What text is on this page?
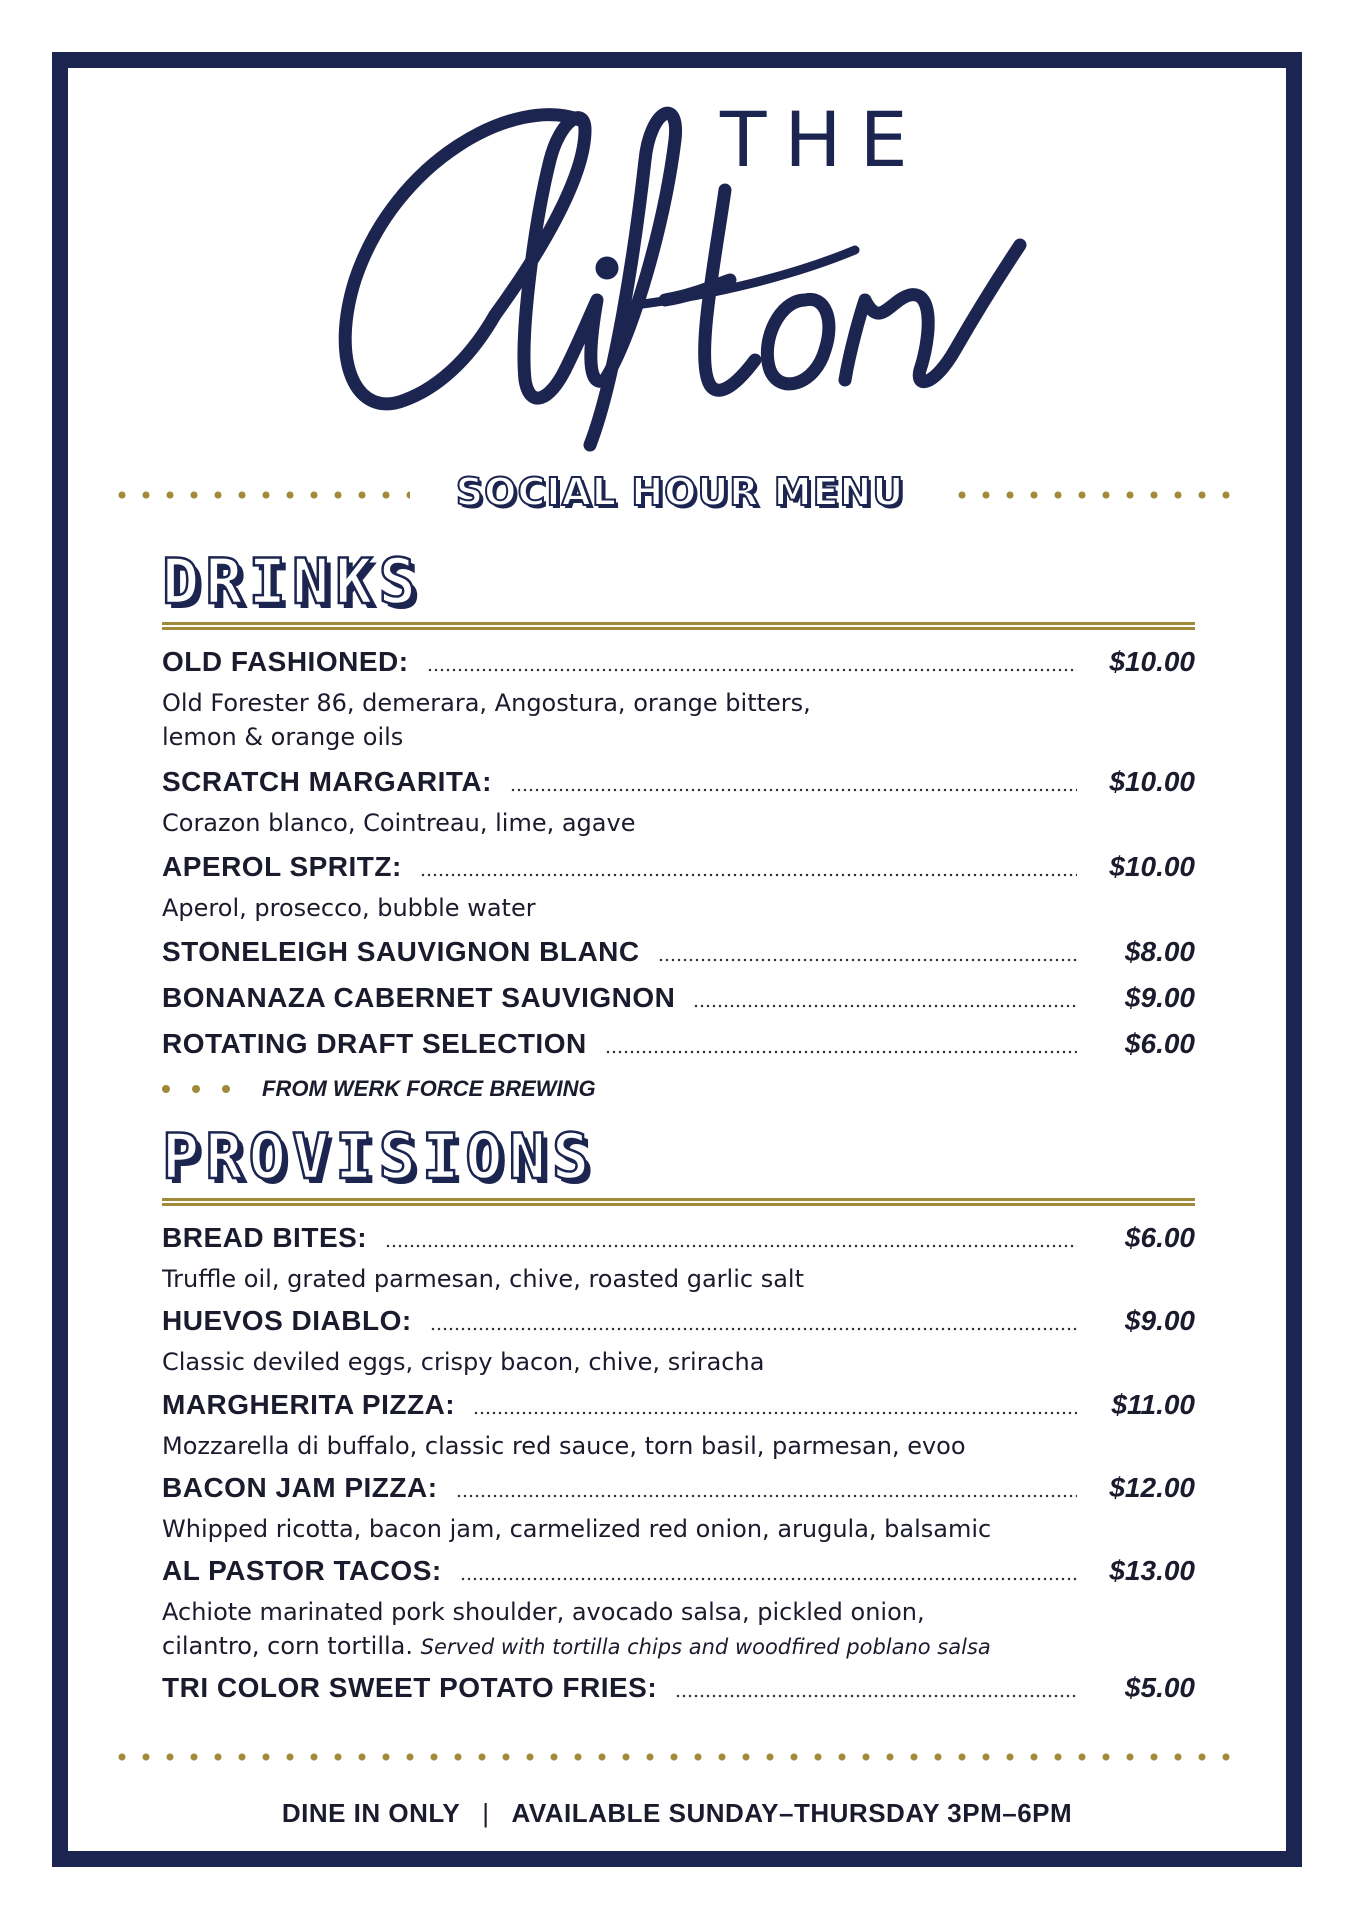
THE
SOCIAL HOUR MENU
DRINKS
OLD FASHIONED:	$10.00
Old Forester 86, demerara, Angostura, orange bitters,
lemon & orange oils
SCRATCH MARGARITA:	$10.00
Corazon blanco, Cointreau, lime, agave
APEROL SPRITZ:	$10.00
Aperol, prosecco, bubble water
STONELEIGH SAUVIGNON BLANC	$8.00
BONANAZA CABERNET SAUVIGNON	$9.00
ROTATING DRAFT SELECTION	$6.00
FROM WERK FORCE BREWING
PROVISIONS
BREAD BITES:	$6.00
Truffle oil, grated parmesan, chive, roasted garlic salt
HUEVOS DIABLO:	$9.00
Classic deviled eggs, crispy bacon, chive, sriracha
MARGHERITA PIZZA:	$11.00
Mozzarella di buffalo, classic red sauce, torn basil, parmesan, evoo
BACON JAM PIZZA:	$12.00
Whipped ricotta, bacon jam, carmelized red onion, arugula, balsamic
AL PASTOR TACOS:	$13.00
Achiote marinated pork shoulder, avocado salsa, pickled onion,
cilantro, corn tortilla. Served with tortilla chips and woodfired poblano salsa
TRI COLOR SWEET POTATO FRIES:	$5.00
DINE IN ONLY | AVAILABLE SUNDAY–THURSDAY 3PM–6PM
